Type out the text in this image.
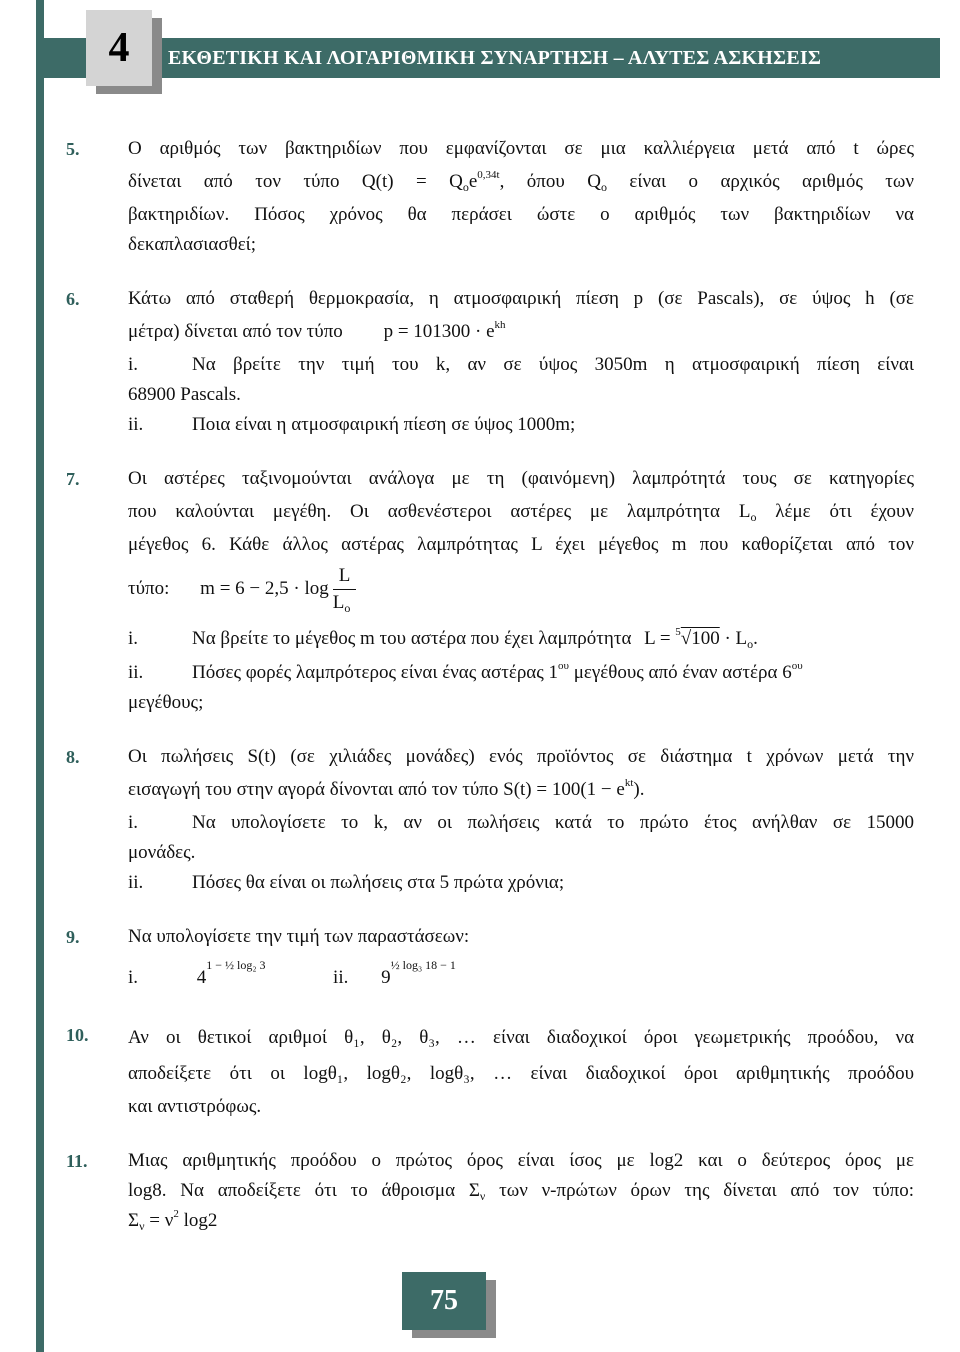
4	ΕΚΘΕΤΙΚΗ ΚΑΙ ΛΟΓΑΡΙΘΜΙΚΗ ΣΥΝΑΡΤΗΣΗ – ΑΛΥΤΕΣ ΑΣΚΗΣΕΙΣ
5.	Ο αριθμός των βακτηριδίων που εμφανίζονται σε μια καλλιέργεια μετά από t ώρες
δίνεται από τον τύπο $Q(t) = Q_oe^{0,34t}$, όπου $Q_o$ είναι ο αρχικός αριθμός των
βακτηριδίων. Πόσος χρόνος θα περάσει ώστε ο αριθμός των βακτηριδίων να
δεκαπλασιασθεί;
6.	Κάτω από σταθερή θερμοκρασία, η ατμοσφαιρική πίεση p (σε Pascals), σε ύψος h (σε
μέτρα) δίνεται από τον τύπο $p = 101300 \cdot e^{kh}$
i.	Να βρείτε την τιμή του k, αν σε ύψος 3050m η ατμοσφαιρική πίεση είναι
68900 Pascals.
ii.	Ποια είναι η ατμοσφαιρική πίεση σε ύψος 1000m;
7.	Οι αστέρες ταξινομούνται ανάλογα με τη (φαινόμενη) λαμπρότητά τους σε κατηγορίες
που καλούνται μεγέθη. Οι ασθενέστεροι αστέρες με λαμπρότητα $L_o$ λέμε ότι έχουν
μέγεθος 6. Κάθε άλλος αστέρας λαμπρότητας L έχει μέγεθος m που καθορίζεται από τον
τύπο: $m = 6 - 2,5 \cdot \log \frac{L}{L_o}$
i.	Να βρείτε το μέγεθος m του αστέρα που έχει λαμπρότητα $L = ^5√100 \cdot L_o$.
ii.	Πόσες φορές λαμπρότερος είναι ένας αστέρας $1^{o\upsilon}$ μεγέθους από έναν αστέρα $6^{o\upsilon}$
μεγέθους;
8.	Οι πωλήσεις S(t) (σε χιλιάδες μονάδες) ενός προϊόντος σε διάστημα t χρόνων μετά την
εισαγωγή του στην αγορά δίνονται από τον τύπο $S(t) = 100(1 - e^{kt})$.
i.	Να υπολογίσετε το k, αν οι πωλήσεις κατά το πρώτο έτος ανήλθαν σε 15000
μονάδες.
ii.	Πόσες θα είναι οι πωλήσεις στα 5 πρώτα χρόνια;
9.	Να υπολογίσετε την τιμή των παραστάσεων:
i.	$4^{1 - \frac{1}{2} log_2 3}$  ii. $9^{\frac{1}{2} log_3 18 - 1}$
10. Αν οι θετικοί αριθμοί θ₁, θ₂, θ₃, … είναι διαδοχικοί όροι γεωμετρικής προόδου, να
αποδείξετε ότι οι logθ₁, logθ₂, logθ₃, … είναι διαδοχικοί όροι αριθμητικής προόδου
και αντιστρόφως.
11. Μιας αριθμητικής προόδου ο πρώτος όρος είναι ίσος με log2 και ο δεύτερος όρος με
log8. Να αποδείξετε ότι το άθροισμα $\Sigma_\nu$ των ν-πρώτων όρων της δίνεται από τον τύπο:
$\Sigma_\nu = \nu^2$ log2
75
